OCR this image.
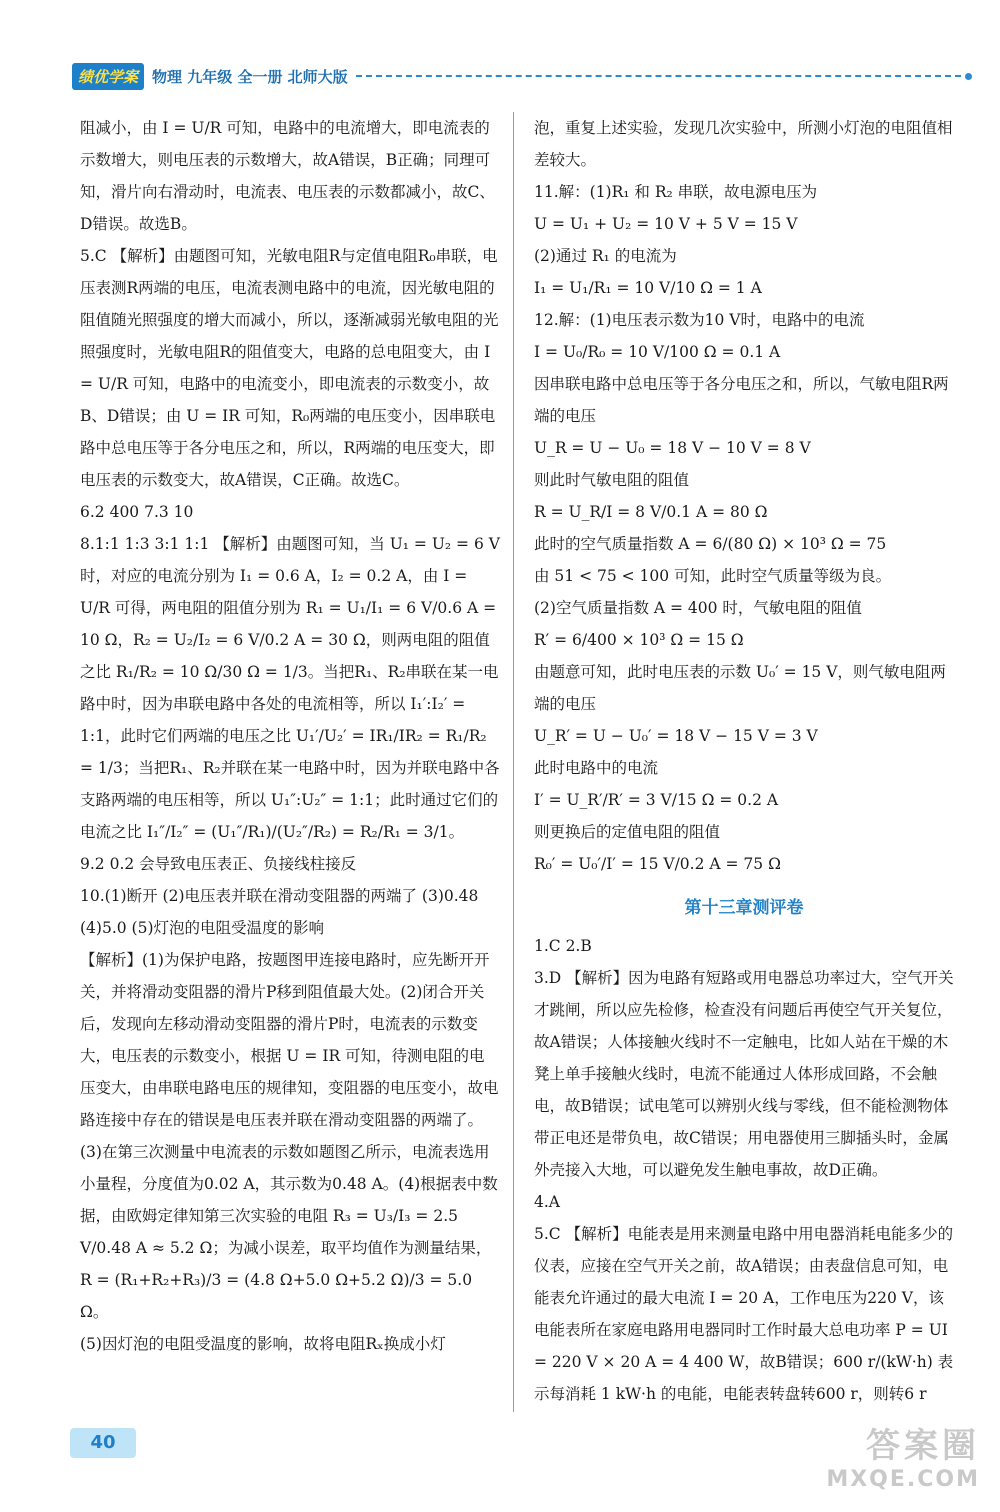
绩优学案 物理 九年级 全一册 北师大版

阻减小，由 I = U/R 可知，电路中的电流增大，即电流表的示数增大，则电压表的示数增大，故A错误，B正确；同理可知，滑片向右滑动时，电流表、电压表的示数都减小，故C、D错误。故选B。

5.C 【解析】由题图可知，光敏电阻R与定值电阻R₀串联，电压表测R两端的电压，电流表测电路中的电流，因光敏电阻的阻值随光照强度的增大而减小，所以，逐渐减弱光敏电阻的光照强度时，光敏电阻R的阻值变大，电路的总电阻变大，由 I = U/R 可知，电路中的电流变小，即电流表的示数变小，故B、D错误；由 U = IR 可知，R₀两端的电压变小，因串联电路中总电压等于各分电压之和，所以，R两端的电压变大，即电压表的示数变大，故A错误，C正确。故选C。

6.2 400 7.3 10

8.1:1 1:3 3:1 1:1 【解析】由题图可知，当 U₁ = U₂ = 6 V 时，对应的电流分别为 I₁ = 0.6 A，I₂ = 0.2 A，由 I = U/R 可得，两电阻的阻值分别为 R₁ = U₁/I₁ = 6 V/0.6 A = 10 Ω，R₂ = U₂/I₂ = 6 V/0.2 A = 30 Ω，则两电阻的阻值之比 R₁/R₂ = 10 Ω/30 Ω = 1/3。当把R₁、R₂串联在某一电路中时，因为串联电路中各处的电流相等，所以 I₁′:I₂′ = 1:1，此时它们两端的电压之比 U₁′/U₂′ = IR₁/IR₂ = R₁/R₂ = 1/3；当把R₁、R₂并联在某一电路中时，因为并联电路中各支路两端的电压相等，所以 U₁″:U₂″ = 1:1；此时通过它们的电流之比 I₁″/I₂″ = (U₁″/R₁)/(U₂″/R₂) = R₂/R₁ = 3/1。

9.2 0.2 会导致电压表正、负接线柱接反

10.(1)断开 (2)电压表并联在滑动变阻器的两端了 (3)0.48 (4)5.0 (5)灯泡的电阻受温度的影响

【解析】(1)为保护电路，按题图甲连接电路时，应先断开开关，并将滑动变阻器的滑片P移到阻值最大处。(2)闭合开关后，发现向左移动滑动变阻器的滑片P时，电流表的示数变大，电压表的示数变小，根据 U = IR 可知，待测电阻的电压变大，由串联电路电压的规律知，变阻器的电压变小，故电路连接中存在的错误是电压表并联在滑动变阻器的两端了。(3)在第三次测量中电流表的示数如题图乙所示，电流表选用小量程，分度值为0.02 A，其示数为0.48 A。(4)根据表中数据，由欧姆定律知第三次实验的电阻 R₃ = U₃/I₃ = 2.5 V/0.48 A ≈ 5.2 Ω；为减小误差，取平均值作为测量结果，R = (R₁+R₂+R₃)/3 = (4.8 Ω+5.0 Ω+5.2 Ω)/3 = 5.0 Ω。

(5)因灯泡的电阻受温度的影响，故将电阻Rₓ换成小灯

泡，重复上述实验，发现几次实验中，所测小灯泡的电阻值相差较大。

11.解：(1)R₁ 和 R₂ 串联，故电源电压为

U = U₁ + U₂ = 10 V + 5 V = 15 V

(2)通过 R₁ 的电流为

I₁ = U₁/R₁ = 10 V/10 Ω = 1 A

12.解：(1)电压表示数为10 V时，电路中的电流

I = U₀/R₀ = 10 V/100 Ω = 0.1 A

因串联电路中总电压等于各分电压之和，所以，气敏电阻R两端的电压

U_R = U − U₀ = 18 V − 10 V = 8 V

则此时气敏电阻的阻值

R = U_R/I = 8 V/0.1 A = 80 Ω

此时的空气质量指数 A = 6/(80 Ω) × 10³ Ω = 75

由 51 < 75 < 100 可知，此时空气质量等级为良。

(2)空气质量指数 A = 400 时，气敏电阻的阻值

R′ = 6/400 × 10³ Ω = 15 Ω

由题意可知，此时电压表的示数 U₀′ = 15 V，则气敏电阻两端的电压

U_R′ = U − U₀′ = 18 V − 15 V = 3 V

此时电路中的电流

I′ = U_R′/R′ = 3 V/15 Ω = 0.2 A

则更换后的定值电阻的阻值

R₀′ = U₀′/I′ = 15 V/0.2 A = 75 Ω

第十三章测评卷

1.C 2.B

3.D 【解析】因为电路有短路或用电器总功率过大，空气开关才跳闸，所以应先检修，检查没有问题后再使空气开关复位，故A错误；人体接触火线时不一定触电，比如人站在干燥的木凳上单手接触火线时，电流不能通过人体形成回路，不会触电，故B错误；试电笔可以辨别火线与零线，但不能检测物体带正电还是带负电，故C错误；用电器使用三脚插头时，金属外壳接入大地，可以避免发生触电事故，故D正确。

4.A

5.C 【解析】电能表是用来测量电路中用电器消耗电能多少的仪表，应接在空气开关之前，故A错误；由表盘信息可知，电能表允许通过的最大电流 I = 20 A，工作电压为220 V，该电能表所在家庭电路用电器同时工作时最大总电功率 P = UI = 220 V × 20 A = 4 400 W，故B错误；600 r/(kW·h) 表示每消耗 1 kW·h 的电能，电能表转盘转600 r，则转6 r

40	答案圈
MXQE.COM
